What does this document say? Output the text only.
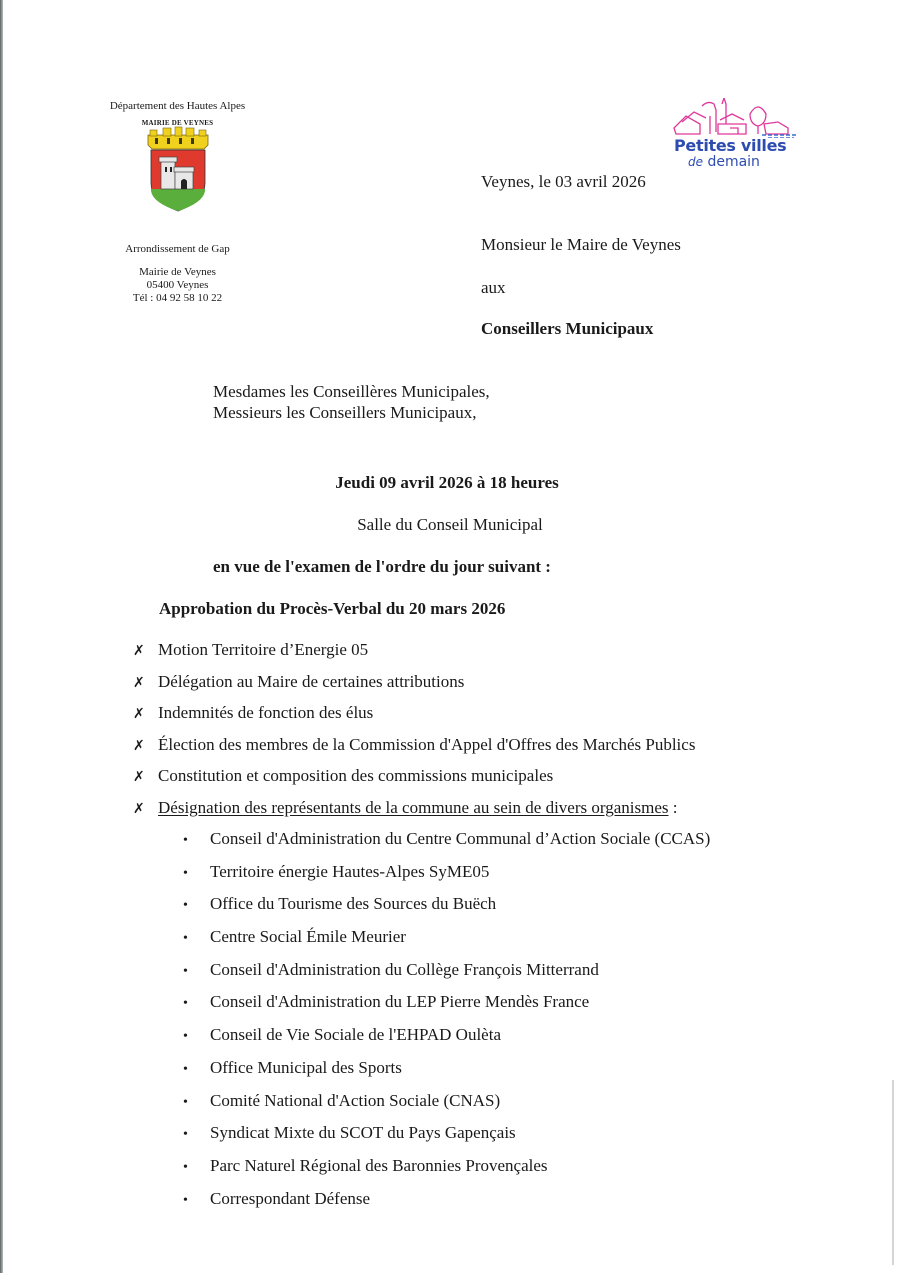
Département des Hautes Alpes
MAIRIE DE VEYNES
Arrondissement de Gap
Mairie de Veynes
05400 Veynes
Tél : 04 92 58 10 22
Petites villes
de demain
Veynes, le 03 avril 2026
Monsieur le Maire de Veynes
aux
Conseillers Municipaux
Mesdames les Conseillères Municipales,
Messieurs les Conseillers Municipaux,
Jeudi 09 avril 2026 à 18 heures
Salle du Conseil Municipal
en vue de l'examen de l'ordre du jour suivant :
Approbation du Procès-Verbal du 20 mars 2026
✗ Motion Territoire d’Energie 05
✗ Délégation au Maire de certaines attributions
✗ Indemnités de fonction des élus
✗ Élection des membres de la Commission d'Appel d'Offres des Marchés Publics
✗ Constitution et composition des commissions municipales
✗ Désignation des représentants de la commune au sein de divers organismes :
•	Conseil d'Administration du Centre Communal d’Action Sociale (CCAS)
•	Territoire énergie Hautes-Alpes SyME05
•	Office du Tourisme des Sources du Buëch
•	Centre Social Émile Meurier
•	Conseil d'Administration du Collège François Mitterrand
•	Conseil d'Administration du LEP Pierre Mendès France
•	Conseil de Vie Sociale de l'EHPAD Oulèta
•	Office Municipal des Sports
•	Comité National d'Action Sociale (CNAS)
•	Syndicat Mixte du SCOT du Pays Gapençais
•	Parc Naturel Régional des Baronnies Provençales
•	Correspondant Défense
